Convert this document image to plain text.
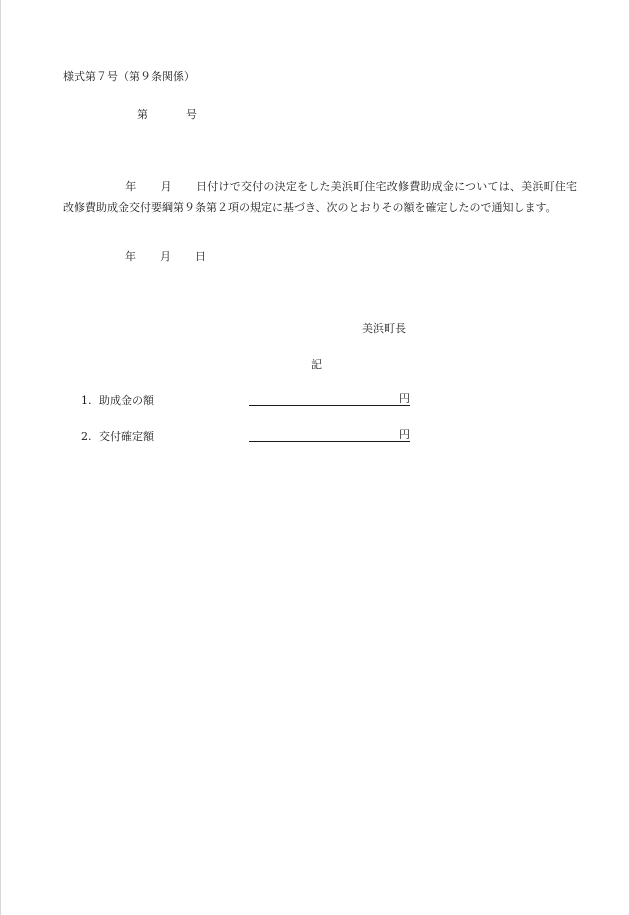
様式第７号（第９条関係）
第	号
年 月 日付けで交付の決定をした美浜町住宅改修費助成金については、美浜町住宅改修費助成金交付要綱第９条第２項の規定に基づき、次のとおりその額を確定したので通知します。
年 月 日
美浜町長
記
1. 助成金の額	円
2. 交付確定額	円
